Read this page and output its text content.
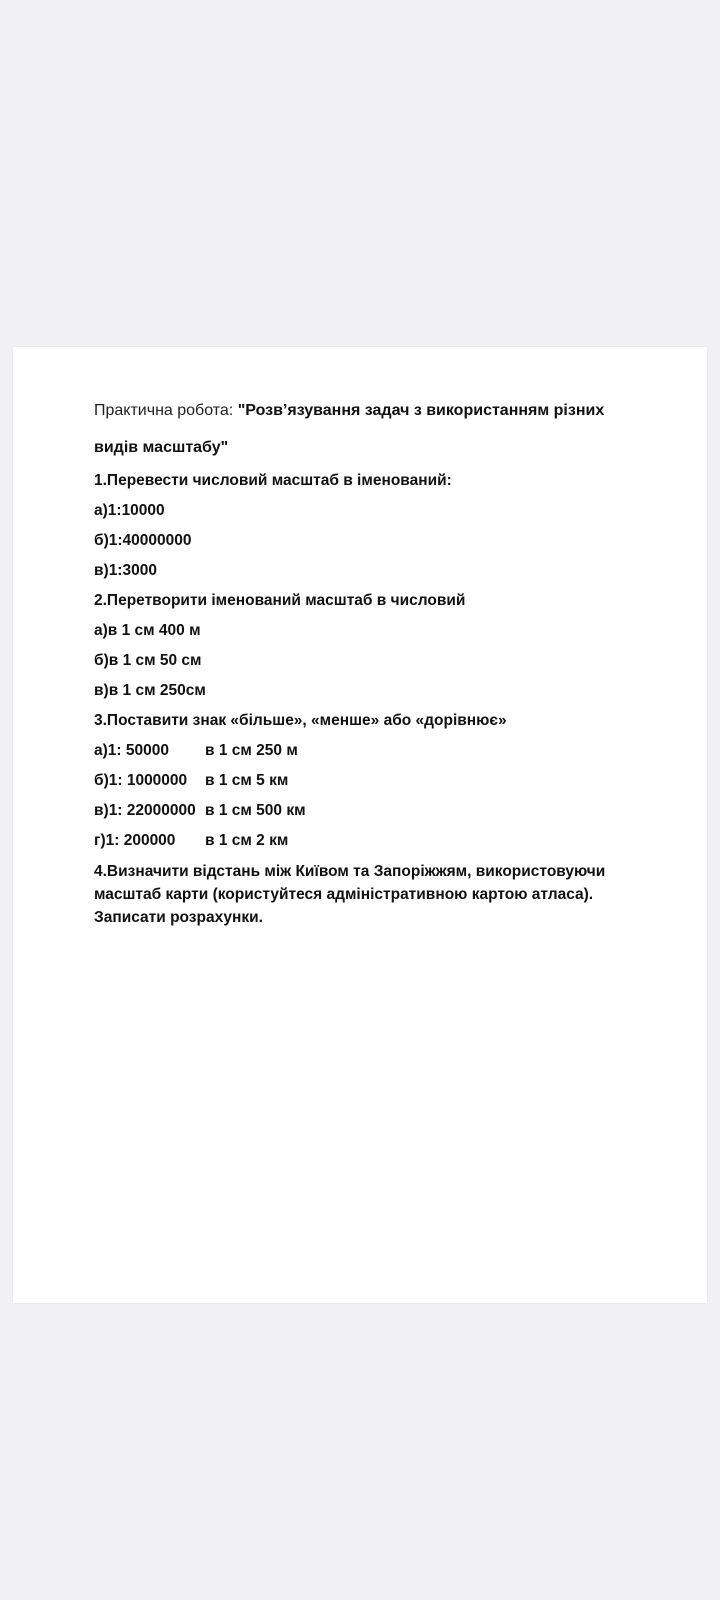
Практична робота: "Розв’язування задач з використанням різних видів масштабу"

1.Перевести числовий масштаб в іменований:
а)1:10000
б)1:40000000
в)1:3000
2.Перетворити іменований масштаб в числовий
а)в 1 см 400 м
б)в 1 см 50 см
в)в 1 см 250см
3.Поставити знак «більше», «менше» або «дорівнює»
а)1: 50000	в 1 см 250 м
б)1: 1000000	в 1 см 5 км
в)1: 22000000 в 1 см 500 км
г)1: 200000	в 1 см 2 км
4.Визначити відстань між Київом та Запоріжжям, використовуючи масштаб карти (користуйтеся адміністративною картою атласа). Записати розрахунки.
